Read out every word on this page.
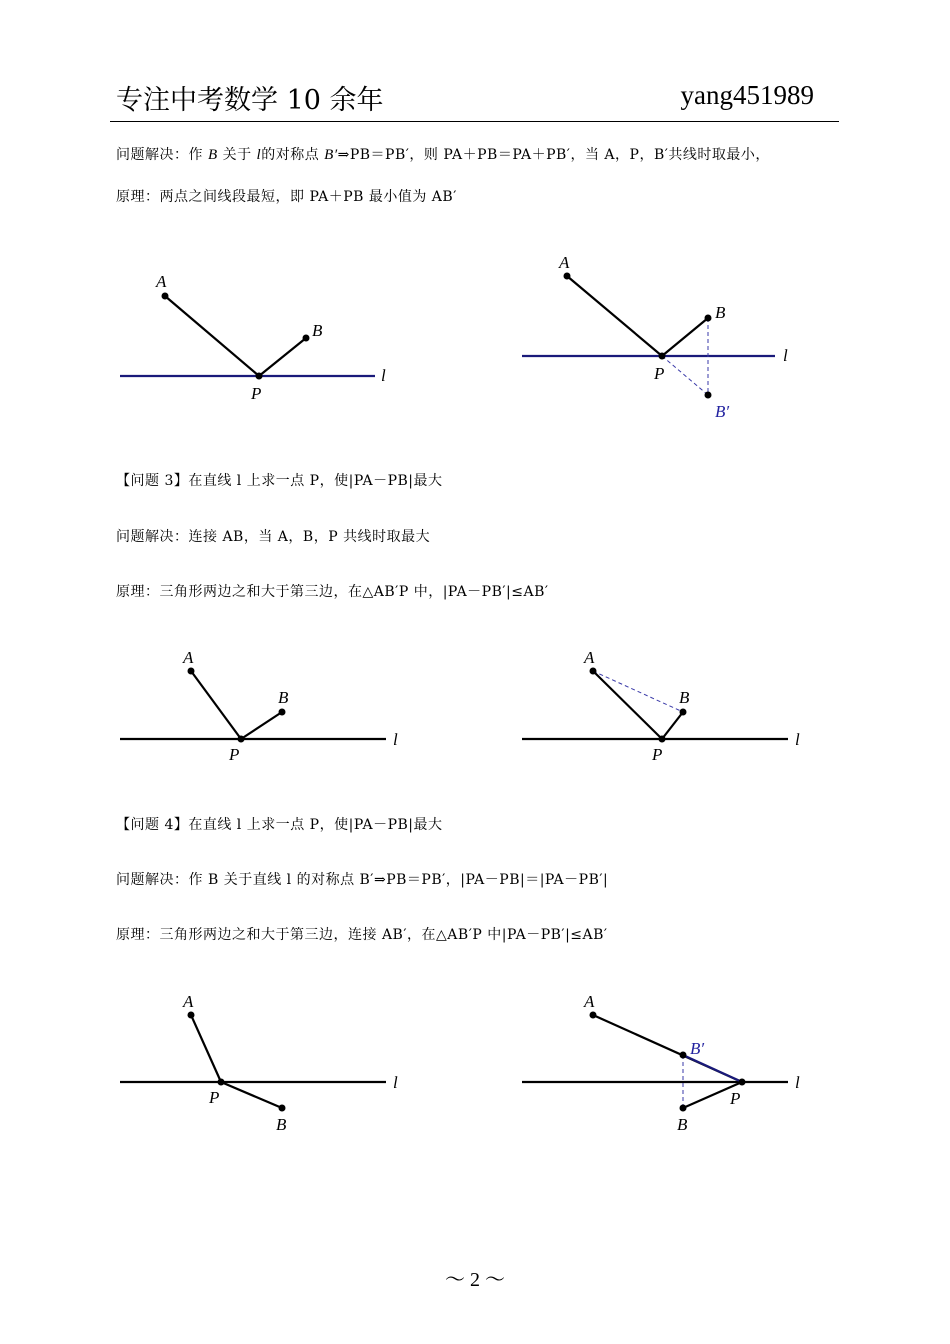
专注中考数学 10 余年	yang451989
问题解决：作 B 关于 l的对称点 B′⇒PB＝PB′，则 PA＋PB＝PA＋PB′，当 A，P，B′共线时取最小，
原理：两点之间线段最短，即 PA＋PB 最小值为 AB′
A
B
P
l
A
B
P
B′
l
【问题 3】在直线 l 上求一点 P，使|PA－PB|最大
问题解决：连接 AB，当 A，B，P 共线时取最大
原理：三角形两边之和大于第三边，在△AB′P 中，|PA－PB′|≤AB′
A
B
P
l
A
B
P
l
【问题 4】在直线 l 上求一点 P，使|PA－PB|最大
问题解决：作 B 关于直线 l 的对称点 B′⇒PB＝PB′，|PA－PB|＝|PA－PB′|
原理：三角形两边之和大于第三边，连接 AB′，在△AB′P 中|PA－PB′|≤AB′
A
B
P
l
A
B′
B
P
l
～ 2 ～
